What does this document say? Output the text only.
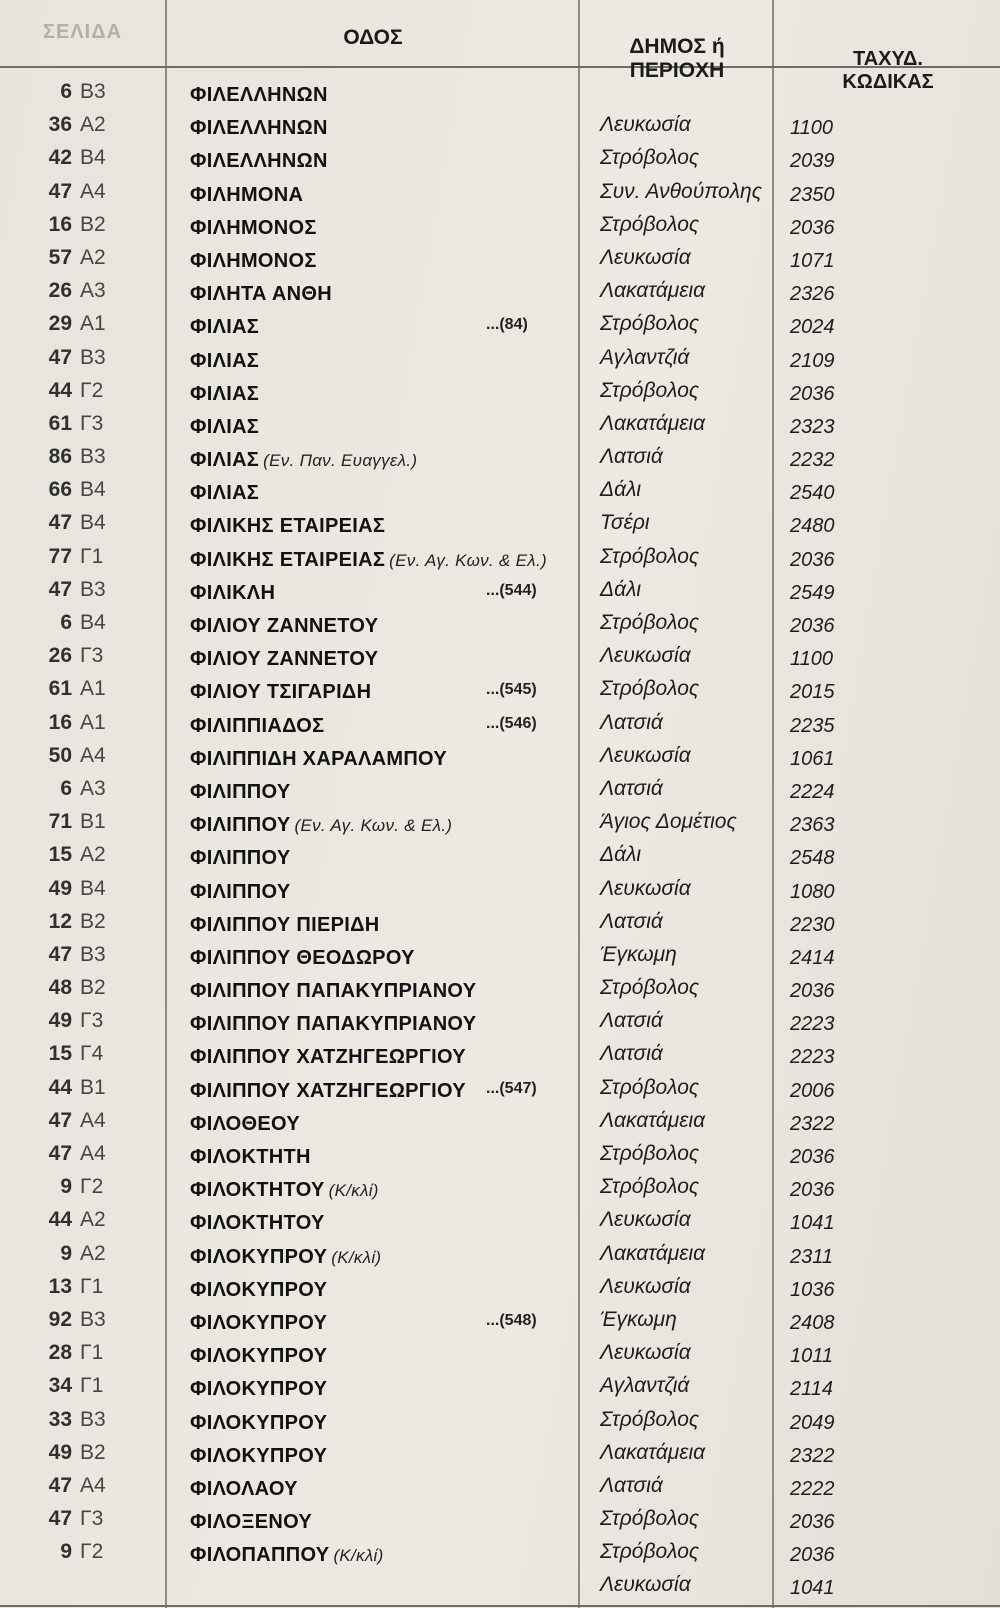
ΣΕΛΙΔΑ	ΟΔΟΣ	ΔΗΜΟΣ ή
ΠΕΡΙΟΧΗ	ΤΑΧΥΔ.
ΚΩΔΙΚΑΣ
6 B3	ΦΙΛΕΛΛΗΝΩΝ
36 A2	ΦΙΛΕΛΛΗΝΩΝ	Λευκωσία	1100
42 B4	ΦΙΛΕΛΛΗΝΩΝ	Στρόβολος	2039
47 A4	ΦΙΛΗΜΟΝΑ	Συν. Ανθούπολης 2350
16 B2	ΦΙΛΗΜΟΝΟΣ	Στρόβολος	2036
57 A2	ΦΙΛΗΜΟΝΟΣ	Λευκωσία	1071
26 A3	ΦΙΛΗΤΑ ΑΝΘΗ	Λακατάμεια	2326
29 A1	ΦΙΛΙΑΣ	...(84)	Στρόβολος	2024
47 B3	ΦΙΛΙΑΣ	Αγλαντζιά	2109
44 Γ2	ΦΙΛΙΑΣ	Στρόβολος	2036
61 Γ3	ΦΙΛΙΑΣ	Λακατάμεια	2323
86 B3	ΦΙΛΙΑΣ (Εν. Παν. Ευαγγελ.)	Λατσιά	2232
66 B4	ΦΙΛΙΑΣ	Δάλι	2540
47 B4	ΦΙΛΙΚΗΣ ΕΤΑΙΡΕΙΑΣ	Τσέρι	2480
77 Γ1	ΦΙΛΙΚΗΣ ΕΤΑΙΡΕΙΑΣ (Εν. Αγ. Κων. & Ελ.)	Στρόβολος	2036
47 B3	ΦΙΛΙΚΛΗ	...(544)	Δάλι	2549
6 B4	ΦΙΛΙΟΥ ΖΑΝΝΕΤΟΥ	Στρόβολος	2036
26 Γ3	ΦΙΛΙΟΥ ΖΑΝΝΕΤΟΥ	Λευκωσία	1100
61 A1	ΦΙΛΙΟΥ ΤΣΙΓΑΡΙΔΗ	...(545)	Στρόβολος	2015
16 A1	ΦΙΛΙΠΠΙΑΔΟΣ	...(546)	Λατσιά	2235
50 A4	ΦΙΛΙΠΠΙΔΗ ΧΑΡΑΛΑΜΠΟΥ	Λευκωσία	1061
6 A3	ΦΙΛΙΠΠΟΥ	Λατσιά	2224
71 B1	ΦΙΛΙΠΠΟΥ (Εν. Αγ. Κων. & Ελ.)	Άγιος Δομέτιος	2363
15 A2	ΦΙΛΙΠΠΟΥ	Δάλι	2548
49 B4	ΦΙΛΙΠΠΟΥ	Λευκωσία	1080
12 B2	ΦΙΛΙΠΠΟΥ ΠΙΕΡΙΔΗ	Λατσιά	2230
47 B3	ΦΙΛΙΠΠΟΥ ΘΕΟΔΩΡΟΥ	Έγκωμη	2414
48 B2	ΦΙΛΙΠΠΟΥ ΠΑΠΑΚΥΠΡΙΑΝΟΥ	Στρόβολος	2036
49 Γ3	ΦΙΛΙΠΠΟΥ ΠΑΠΑΚΥΠΡΙΑΝΟΥ	Λατσιά	2223
15 Γ4	ΦΙΛΙΠΠΟΥ ΧΑΤΖΗΓΕΩΡΓΙΟΥ	Λατσιά	2223
44 B1	ΦΙΛΙΠΠΟΥ ΧΑΤΖΗΓΕΩΡΓΙΟΥ ...(547)	Στρόβολος	2006
47 A4	ΦΙΛΟΘΕΟΥ	Λακατάμεια	2322
47 A4	ΦΙΛΟΚΤΗΤΗ	Στρόβολος	2036
9 Γ2	ΦΙΛΟΚΤΗΤΟΥ (Κ/κλί)	Στρόβολος	2036
44 A2	ΦΙΛΟΚΤΗΤΟΥ	Λευκωσία	1041
9 A2	ΦΙΛΟΚΥΠΡΟΥ (Κ/κλί)	Λακατάμεια	2311
13 Γ1	ΦΙΛΟΚΥΠΡΟΥ	Λευκωσία	1036
92 B3	ΦΙΛΟΚΥΠΡΟΥ	...(548)	Έγκωμη	2408
28 Γ1	ΦΙΛΟΚΥΠΡΟΥ	Λευκωσία	1011
34 Γ1	ΦΙΛΟΚΥΠΡΟΥ	Αγλαντζιά	2114
33 B3	ΦΙΛΟΚΥΠΡΟΥ	Στρόβολος	2049
49 B2	ΦΙΛΟΚΥΠΡΟΥ	Λακατάμεια	2322
47 A4	ΦΙΛΟΛΑΟΥ	Λατσιά	2222
47 Γ3	ΦΙΛΟΞΕΝΟΥ	Στρόβολος	2036
9 Γ2	ΦΙΛΟΠΑΠΠΟΥ (Κ/κλί)	Στρόβολος	2036
Λευκωσία	1041
